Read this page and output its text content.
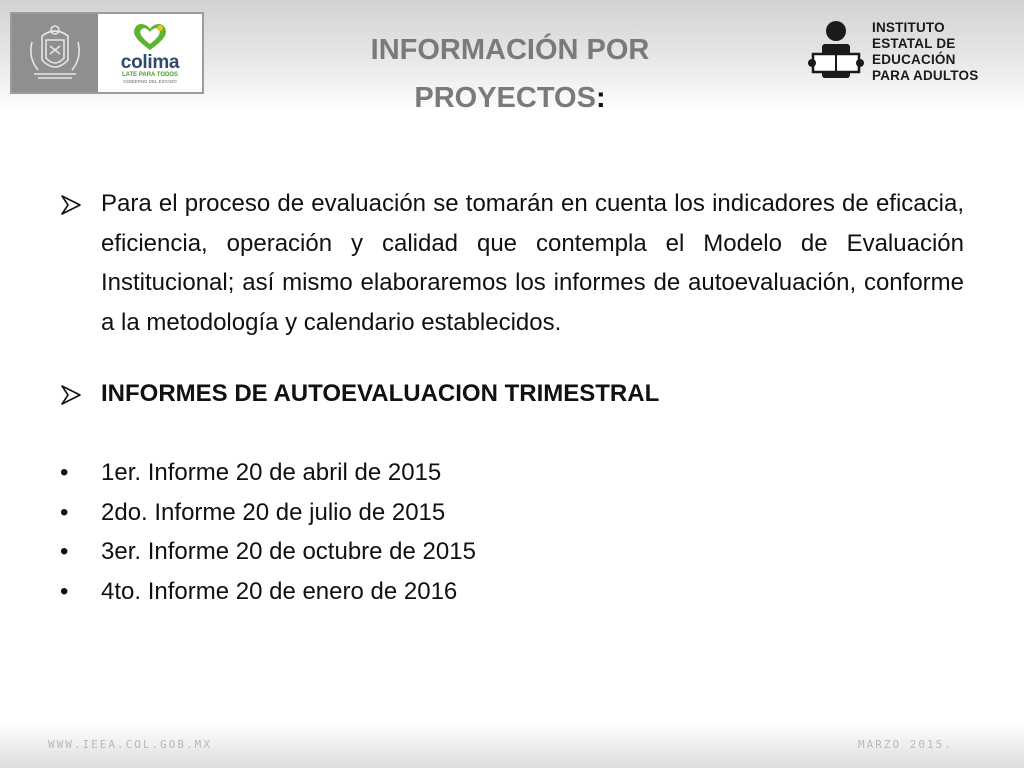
colima
LATE PARA TODOS
GOBIERNO DEL ESTADO
INFORMACIÓN POR
PROYECTOS:
INSTITUTO
ESTATAL DE
EDUCACIÓN
PARA ADULTOS
Para el proceso de evaluación se tomarán en cuenta los indicadores de eficacia, eficiencia, operación y calidad que contempla el Modelo de Evaluación Institucional; así mismo elaboraremos los informes de autoevaluación, conforme a la metodología y calendario establecidos.
INFORMES DE AUTOEVALUACION TRIMESTRAL
• 1er. Informe 20 de abril de 2015
• 2do. Informe 20 de julio de 2015
• 3er. Informe 20 de octubre de 2015
• 4to. Informe 20 de enero de 2016
WWW.IEEA.COL.GOB.MX	MARZO 2015.
